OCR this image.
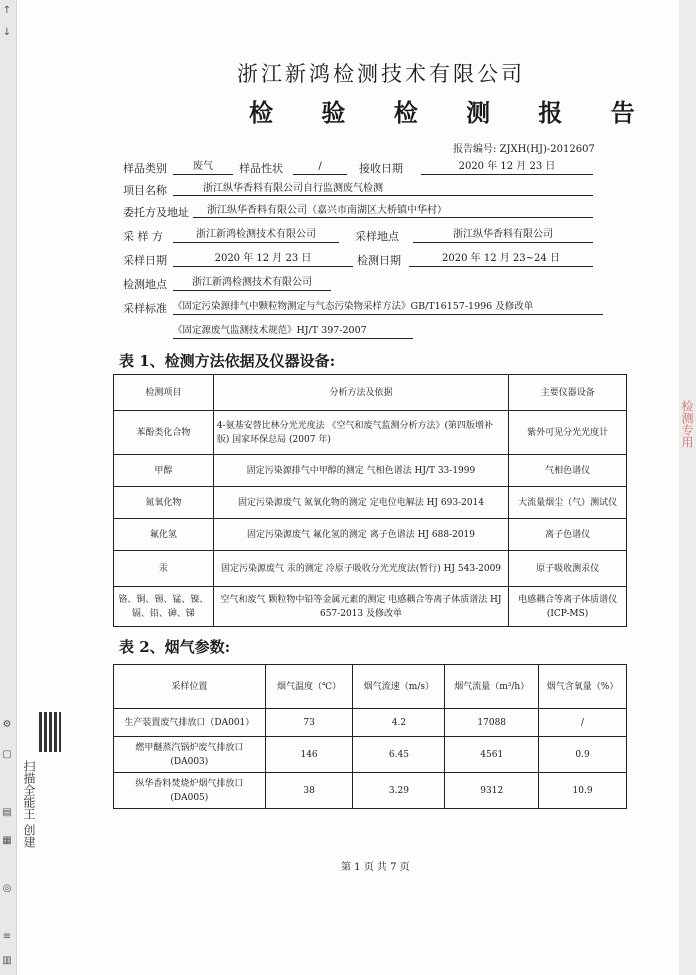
↑
↓
⚙
▢
▤
▦
◎
≡
▥
浙江新鸿检测技术有限公司
检 验 检 测 报 告
报告编号: ZJXH(HJ)-2012607
样品类别	废气	样品性状	/	接收日期	2020 年 12 月 23 日
项目名称	浙江纵华香料有限公司自行监测废气检测
委托方及地址	浙江纵华香料有限公司（嘉兴市南湖区大桥镇中华村）
采 样 方	浙江新鸿检测技术有限公司	采样地点	浙江纵华香料有限公司
采样日期	2020 年 12 月 23 日	检测日期	2020 年 12 月 23~24 日
检测地点	浙江新鸿检测技术有限公司
采样标准 《固定污染源排气中颗粒物测定与气态污染物采样方法》GB/T16157-1996 及修改单
《固定源废气监测技术规范》HJ/T 397-2007
表 1、检测方法依据及仪器设备:
检测项目	分析方法及依据	主要仪器设备
苯酚类化合物	4-氨基安替比林分光光度法 《空气和废气监测分析方法》(第四版增补版) 国家环保总局 (2007 年)	紫外可见分光光度计
甲醇	固定污染源排气中甲醇的测定 气相色谱法 HJ/T 33-1999	气相色谱仪
氮氧化物	固定污染源废气 氮氧化物的测定 定电位电解法 HJ 693-2014	大流量烟尘（气）测试仪
氟化氢	固定污染源废气 氟化氢的测定 离子色谱法 HJ 688-2019	离子色谱仪
汞	固定污染源废气 汞的测定 冷原子吸收分光光度法(暂行) HJ 543-2009	原子吸收测汞仪
铬、铜、锡、锰、镍、镉、铅、砷、锑	空气和废气 颗粒物中铅等金属元素的测定 电感耦合等离子体质谱法 HJ 657-2013 及修改单	电感耦合等离子体质谱仪 (ICP-MS)
表 2、烟气参数:
采样位置	烟气温度（℃）	烟气流速（m/s）	烟气流量（m³/h）	烟气含氧量（%）
生产装置废气排放口（DA001）	73	4.2	17088	/
燃甲醚蒸汽锅炉废气排放口 (DA003)	146	6.45	4561	0.9
纵华香料焚烧炉烟气排放口 (DA005)	38	3.29	9312	10.9
第 1 页 共 7 页
扫描全能王 创建
检测专用
